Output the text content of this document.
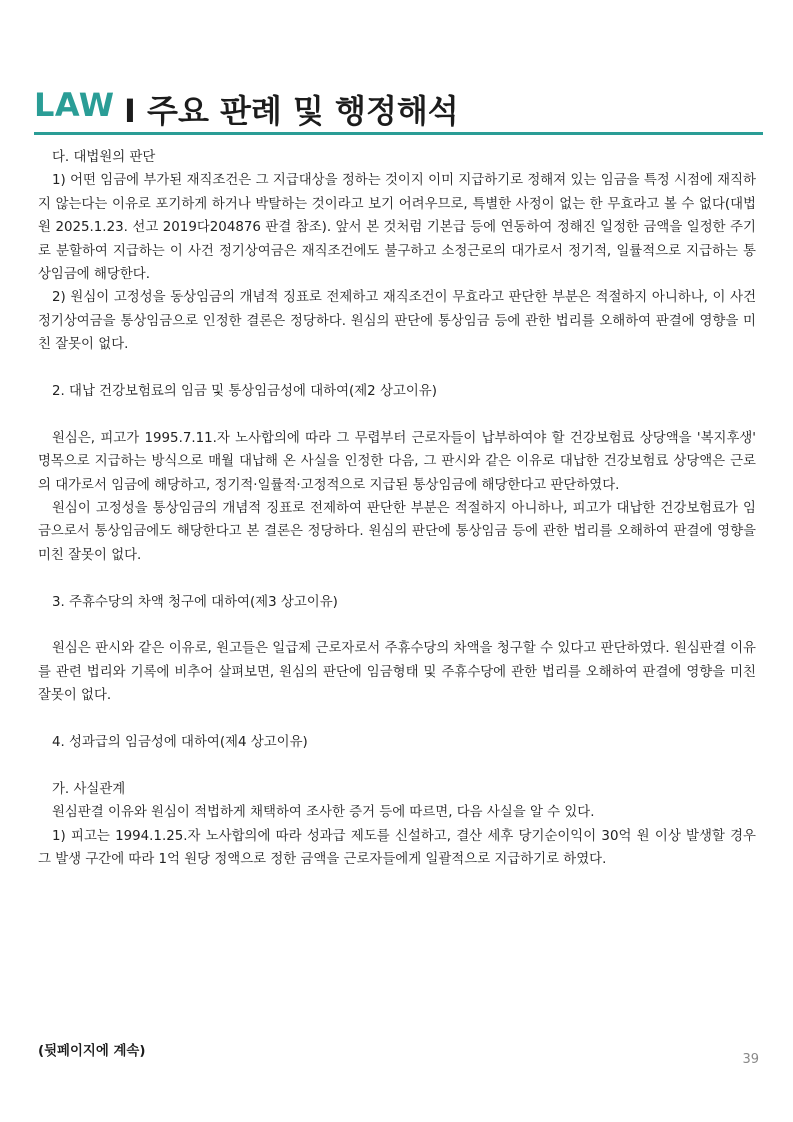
LAW I 주요 판례 및 행정해석

다. 대법원의 판단

1) 어떤 임금에 부가된 재직조건은 그 지급대상을 정하는 것이지 이미 지급하기로 정해져 있는 임금을 특정 시점에 재직하지 않는다는 이유로 포기하게 하거나 박탈하는 것이라고 보기 어려우므로, 특별한 사정이 없는 한 무효라고 볼 수 없다(대법원 2025.1.23. 선고 2019다204876 판결 참조). 앞서 본 것처럼 기본급 등에 연동하여 정해진 일정한 금액을 일정한 주기로 분할하여 지급하는 이 사건 정기상여금은 재직조건에도 불구하고 소정근로의 대가로서 정기적, 일률적으로 지급하는 통상임금에 해당한다.

2) 원심이 고정성을 동상임금의 개념적 징표로 전제하고 재직조건이 무효라고 판단한 부분은 적절하지 아니하나, 이 사건 정기상여금을 통상임금으로 인정한 결론은 정당하다. 원심의 판단에 통상임금 등에 관한 법리를 오해하여 판결에 영향을 미친 잘못이 없다.

2. 대납 건강보험료의 임금 및 통상임금성에 대하여(제2 상고이유)

원심은, 피고가 1995.7.11.자 노사합의에 따라 그 무렵부터 근로자들이 납부하여야 할 건강보험료 상당액을 '복지후생' 명목으로 지급하는 방식으로 매월 대납해 온 사실을 인정한 다음, 그 판시와 같은 이유로 대납한 건강보험료 상당액은 근로의 대가로서 임금에 해당하고, 정기적·일률적·고정적으로 지급된 통상임금에 해당한다고 판단하였다.

원심이 고정성을 통상임금의 개념적 징표로 전제하여 판단한 부분은 적절하지 아니하나, 피고가 대납한 건강보험료가 임금으로서 통상임금에도 해당한다고 본 결론은 정당하다. 원심의 판단에 통상임금 등에 관한 법리를 오해하여 판결에 영향을 미친 잘못이 없다.

3. 주휴수당의 차액 청구에 대하여(제3 상고이유)

원심은 판시와 같은 이유로, 원고들은 일급제 근로자로서 주휴수당의 차액을 청구할 수 있다고 판단하였다. 원심판결 이유를 관련 법리와 기록에 비추어 살펴보면, 원심의 판단에 임금형태 및 주휴수당에 관한 법리를 오해하여 판결에 영향을 미친 잘못이 없다.

4. 성과급의 임금성에 대하여(제4 상고이유)

가. 사실관계

원심판결 이유와 원심이 적법하게 채택하여 조사한 증거 등에 따르면, 다음 사실을 알 수 있다.

1) 피고는 1994.1.25.자 노사합의에 따라 성과급 제도를 신설하고, 결산 세후 당기순이익이 30억 원 이상 발생할 경우 그 발생 구간에 따라 1억 원당 정액으로 정한 금액을 근로자들에게 일괄적으로 지급하기로 하였다.

(뒷페이지에 계속)
39
